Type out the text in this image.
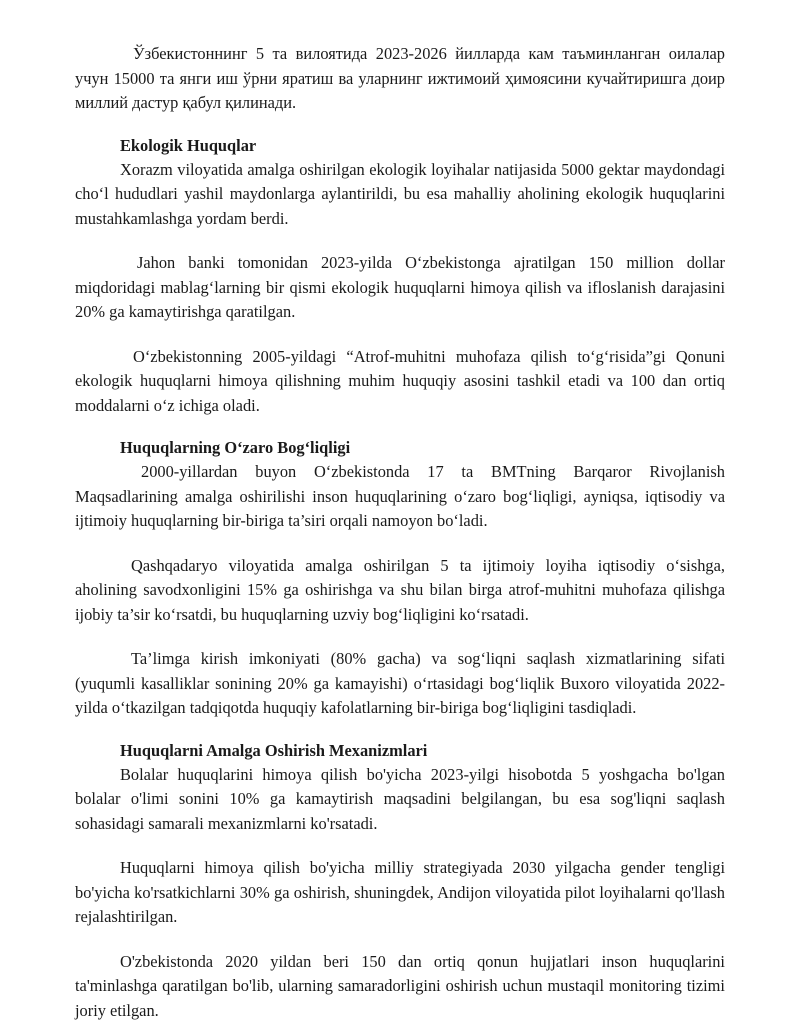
Ўзбекистоннинг 5 та вилоятида 2023-2026 йилларда кам таъминланган оилалар учун 15000 та янги иш ўрни яратиш ва уларнинг ижтимоий ҳимоясини кучайтиришга доир миллий дастур қабул қилинади.

Ekologik Huquqlar

Xorazm viloyatida amalga oshirilgan ekologik loyihalar natijasida 5000 gektar maydondagi cho‘l hududlari yashil maydonlarga aylantirildi, bu esa mahalliy aholining ekologik huquqlarini mustahkamlashga yordam berdi.

Jahon banki tomonidan 2023-yilda O‘zbekistonga ajratilgan 150 million dollar miqdoridagi mablag‘larning bir qismi ekologik huquqlarni himoya qilish va ifloslanish darajasini 20% ga kamaytirishga qaratilgan.

O‘zbekistonning 2005-yildagi “Atrof-muhitni muhofaza qilish to‘g‘risida”gi Qonuni ekologik huquqlarni himoya qilishning muhim huquqiy asosini tashkil etadi va 100 dan ortiq moddalarni o‘z ichiga oladi.

Huquqlarning O‘zaro Bog‘liqligi

2000-yillardan buyon O‘zbekistonda 17 ta BMTning Barqaror Rivojlanish Maqsadlarining amalga oshirilishi inson huquqlarining o‘zaro bog‘liqligi, ayniqsa, iqtisodiy va ijtimoiy huquqlarning bir-biriga ta’siri orqali namoyon bo‘ladi.

Qashqadaryo viloyatida amalga oshirilgan 5 ta ijtimoiy loyiha iqtisodiy o‘sishga, aholining savodxonligini 15% ga oshirishga va shu bilan birga atrof-muhitni muhofaza qilishga ijobiy ta’sir ko‘rsatdi, bu huquqlarning uzviy bog‘liqligini ko‘rsatadi.

Ta’limga kirish imkoniyati (80% gacha) va sog‘liqni saqlash xizmatlarining sifati (yuqumli kasalliklar sonining 20% ga kamayishi) o‘rtasidagi bog‘liqlik Buxoro viloyatida 2022-yilda o‘tkazilgan tadqiqotda huquqiy kafolatlarning bir-biriga bog‘liqligini tasdiqladi.

Huquqlarni Amalga Oshirish Mexanizmlari

Bolalar huquqlarini himoya qilish bo'yicha 2023-yilgi hisobotda 5 yoshgacha bo'lgan bolalar o'limi sonini 10% ga kamaytirish maqsadini belgilangan, bu esa sog'liqni saqlash sohasidagi samarali mexanizmlarni ko'rsatadi.

Huquqlarni himoya qilish bo'yicha milliy strategiyada 2030 yilgacha gender tengligi bo'yicha ko'rsatkichlarni 30% ga oshirish, shuningdek, Andijon viloyatida pilot loyihalarni qo'llash rejalashtirilgan.

O'zbekistonda 2020 yildan beri 150 dan ortiq qonun hujjatlari inson huquqlarini ta'minlashga qaratilgan bo'lib, ularning samaradorligini oshirish uchun mustaqil monitoring tizimi joriy etilgan.
